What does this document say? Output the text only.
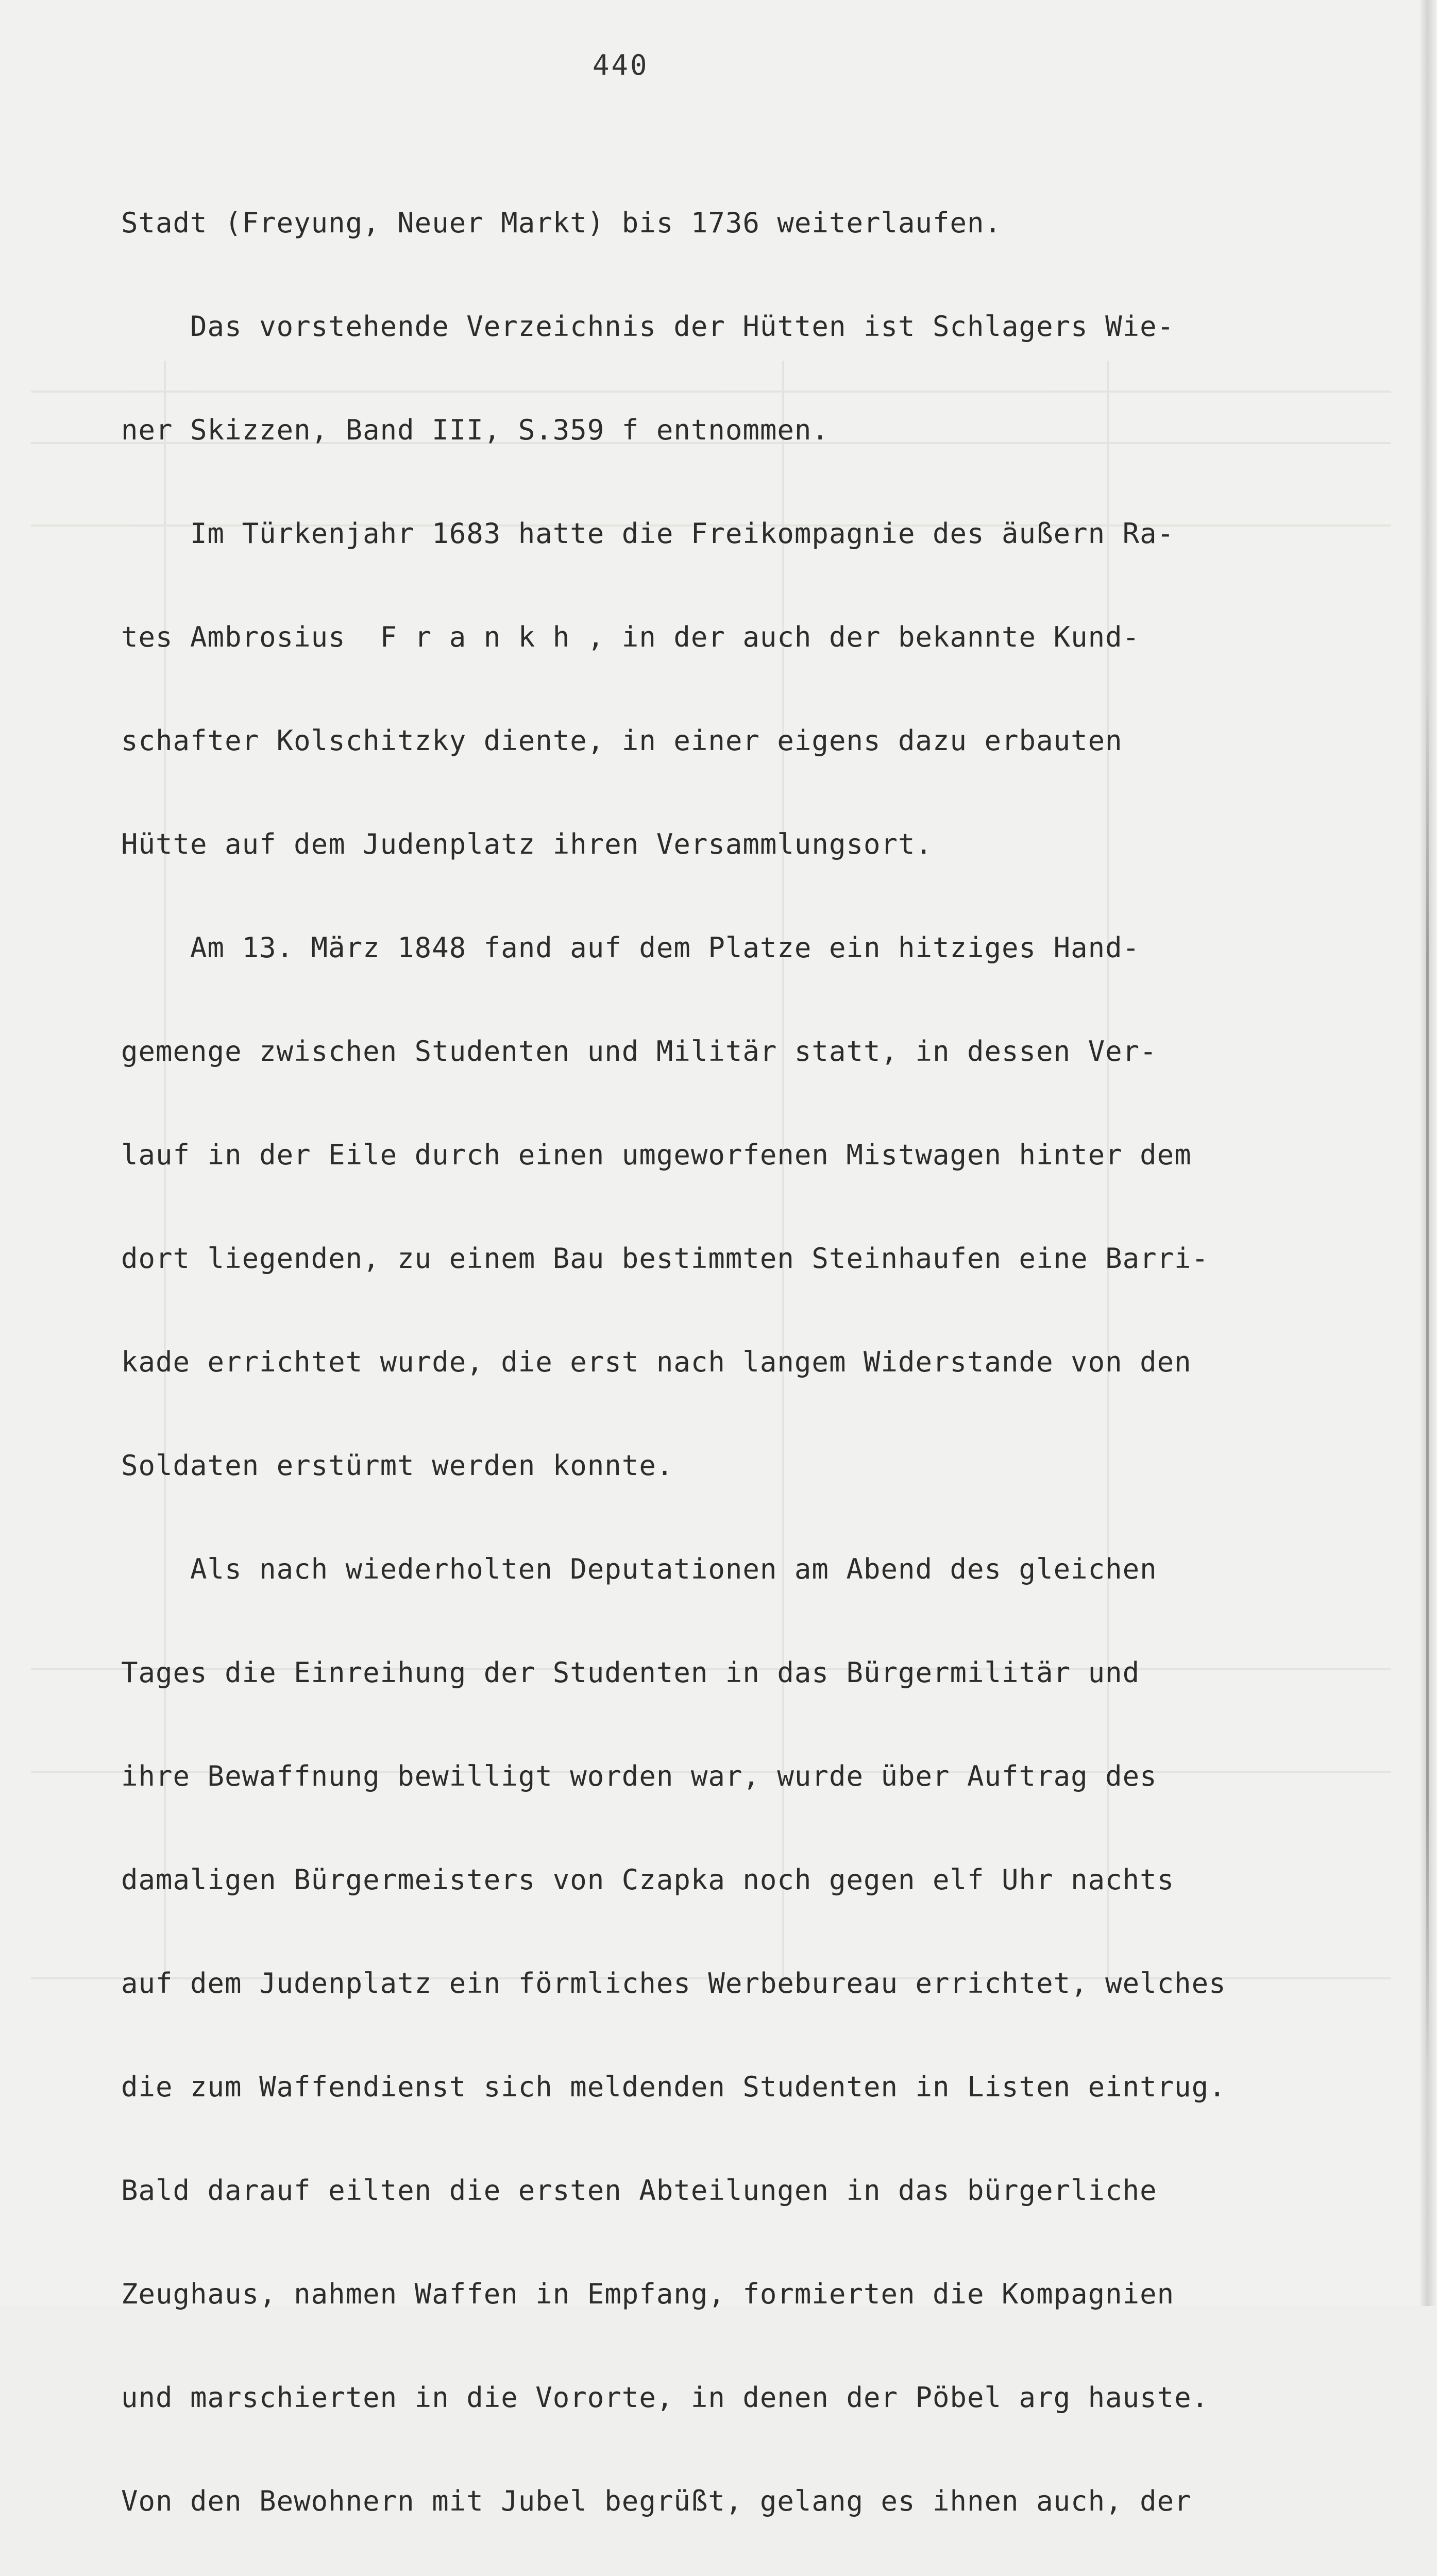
440

Stadt (Freyung, Neuer Markt) bis 1736 weiterlaufen.

Das vorstehende Verzeichnis der Hütten ist Schlagers Wie-

ner Skizzen, Band III, S.359 f entnommen.

Im Türkenjahr 1683 hatte die Freikompagnie des äußern Ra-

tes Ambrosius  F r a n k h , in der auch der bekannte Kund-

schafter Kolschitzky diente, in einer eigens dazu erbauten

Hütte auf dem Judenplatz ihren Versammlungsort.

Am 13. März 1848 fand auf dem Platze ein hitziges Hand-

gemenge zwischen Studenten und Militär statt, in dessen Ver-

lauf in der Eile durch einen umgeworfenen Mistwagen hinter dem

dort liegenden, zu einem Bau bestimmten Steinhaufen eine Barri-

kade errichtet wurde, die erst nach langem Widerstande von den

Soldaten erstürmt werden konnte.

Als nach wiederholten Deputationen am Abend des gleichen

Tages die Einreihung der Studenten in das Bürgermilitär und

ihre Bewaffnung bewilligt worden war, wurde über Auftrag des

damaligen Bürgermeisters von Czapka noch gegen elf Uhr nachts

auf dem Judenplatz ein förmliches Werbebureau errichtet, welches

die zum Waffendienst sich meldenden Studenten in Listen eintrug.

Bald darauf eilten die ersten Abteilungen in das bürgerliche

Zeughaus, nahmen Waffen in Empfang, formierten die Kompagnien

und marschierten in die Vororte, in denen der Pöbel arg hauste.

Von den Bewohnern mit Jubel begrüßt, gelang es ihnen auch, der
